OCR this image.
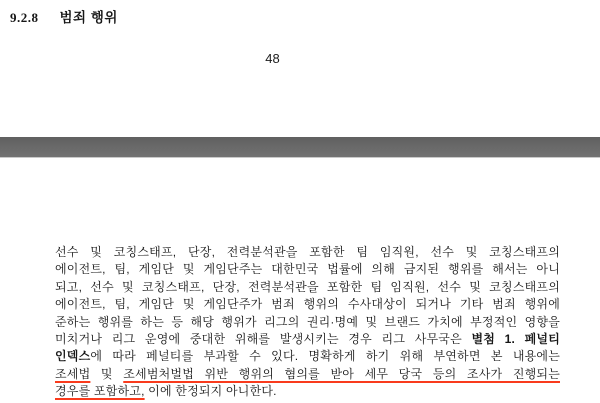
9.2.8 범죄 행위
48
선수 및 코칭스태프, 단장, 전력분석관을 포함한 팀 임직원, 선수 및 코칭스태프의
에이전트, 팀, 게임단 및 게임단주는 대한민국 법률에 의해 금지된 행위를 해서는 아니
되고, 선수 및 코칭스태프, 단장, 전력분석관을 포함한 팀 임직원, 선수 및 코칭스태프의
에이전트, 팀, 게임단 및 게임단주가 범죄 행위의 수사대상이 되거나 기타 범죄 행위에
준하는 행위를 하는 등 해당 행위가 리그의 권리·명예 및 브랜드 가치에 부정적인 영향을
미치거나 리그 운영에 중대한 위해를 발생시키는 경우 리그 사무국은 별첨 1. 페널티
인덱스에 따라 페널티를 부과할 수 있다. 명확하게 하기 위해 부연하면 본 내용에는
조세법 및 조세범처벌법 위반 행위의 혐의를 받아 세무 당국 등의 조사가 진행되는
경우를 포함하고, 이에 한정되지 아니한다.
